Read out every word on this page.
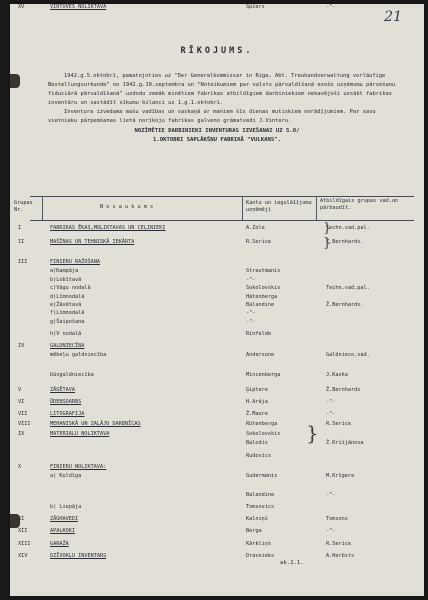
21
RĪKOJUMS.
1942.g.5.oktobrī, pamatojoties uz "Der Generalkommissar in Riga, Abt. Treuhandverwaltung vorläufige Bestellungsurkunde" no 1942.g.10.septembra un "Noteikumiem par valsts pārvaldīšanā esošo uzņēmumu pārvešanu fiduciārā pārvaldīšanā" uzdodu zemāk minētiem fabrikas atbildīgiem darbiniekiem nekavējoši uzsākt fabrikas inventāru un sastādīt sīkumu bilanci uz 1.g.1.oktobrī.
Inventura izvedama mašu vadības un saskaņā ar maniem šīs dienas mutiskiem norādījumiem. Par savu vietnieku pārpemšanas lietā norīkoju fabrikas galveno grāmatvedi J.Vinteru.
NOZĪMĒTIE DARBINIEKI INVENTURAS IZVEŠANAI UZ 5.0/
1.OKTOBRI SAPLĀKŠŅU FABRIKĀ "VULKANS".
Grupas Nr.	N o s a u k u m s
Kantu un iegulā1ījumu uzņēmēji
Atbildīgais grupas vad.un pārbaudīt.
I	FABRIKAS ĒKAS,MOLIKTAVAS UN CEĻINIEKI	A.Zole	Techn.vad.pal.
II	MAŠĪNAS UN TEHNISKĀ IEKĀRTA	R.Serice	Ž.Bernhards.
III	FINIERU RAŽOŠANA
a)Kampāja	Strautmanis
b)Lobītavā	-"-
c)Vāgu nodalā	Sokolovskis	Techn.vad.pal.
d)Līmnodalā	Hātenberga
e)Žāvētavā	Balandine	Ž.Bernhards.
f)Līmnodalā	-"-
g)Šaipošana	-"-
h)V nodalā	Rinfelde
IV	GALDNIECĪBA
mēbeļu galdniecība	Andersone	Galdnieco.vad.
būvgaldniecība	Mincenberga	J.Kazka
V	ZĀGĒTAVA	Ģiptere	Ž.Bernhards
VI	ŪDENSDARBS	H.Arāja	-"-
VII	LITOGRAFIJA	Ž.Maure	-"-
VIII	MEHANISKĀ UN ZAĻĀJU DARBNĪCAS	Rūtenberga	R.Serice
IX	MATERIALU NOLIKTAVA	Sokolovskis
Balodis	Ž.Krišjānova
Rudovics
X	FINIERU NOLIKTAVA:
a) Kuldīga	Gudermanis	M.Krīgera
Balandine	-"-
b) Liepāja	Tomsovics
XI	ZĀGHAVEDI	Kalniņš	Tomsons
XII	APALKOKI	Berga	-"-
XIII	GARAŽA	Kārkliņš	R.Serice
XIV	DZĪVOKĻU INVENTARS	Dravnieks	A.Herbsts
XV	VIRTUVES NOLIKTAVA	Špīers	-"-
}
}
}
ak.2.1.
